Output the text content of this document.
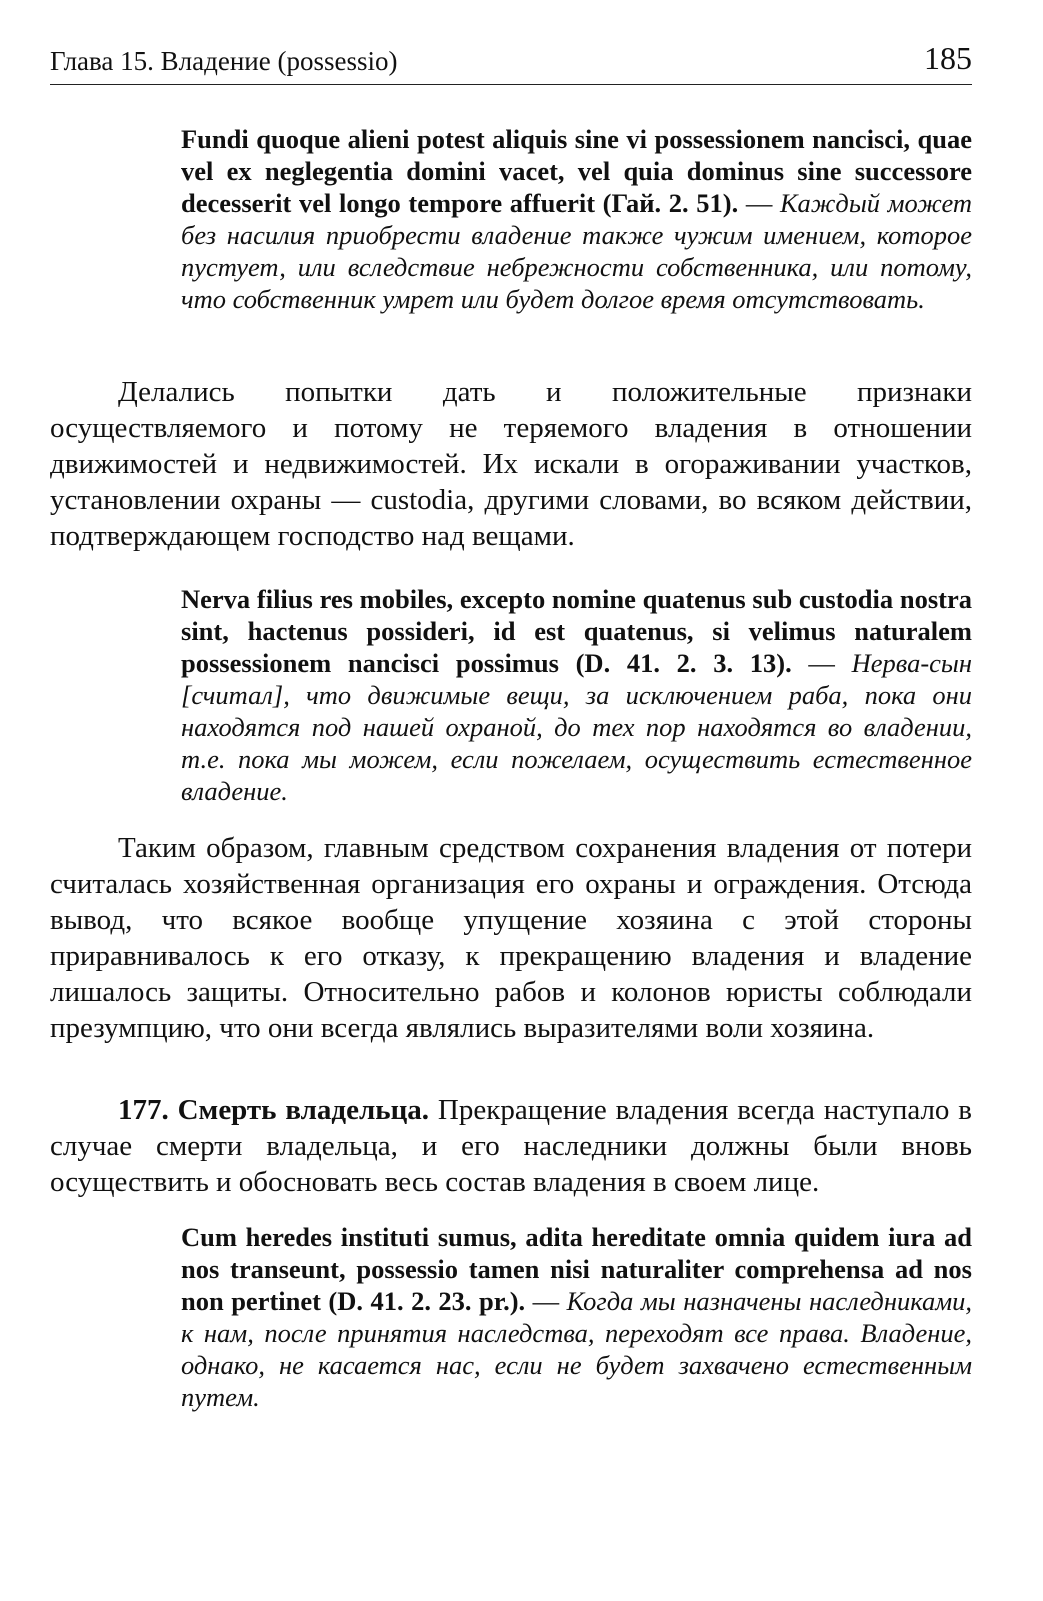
Глава 15. Владение (possessio)	185
Fundi quoque alieni potest aliquis sine vi possessionem nancisci, quae vel ex neglegentia domini vacet, vel quia dominus sine successore decesserit vel longo tempore affuerit (Гай. 2. 51). — Каждый может без насилия приобрести владение также чужим имением, которое пустует, или вследствие небрежности собственника, или потому, что собственник умрет или будет долгое время отсутствовать.
Делались попытки дать и положительные признаки осуществляемого и потому не теряемого владения в отношении движимостей и недвижимостей. Их искали в огораживании участков, установлении охраны — custodia, другими словами, во всяком действии, подтверждающем господство над вещами.
Nerva filius res mobiles, excepto nomine quatenus sub custodia nostra sint, hactenus possideri, id est quatenus, si velimus naturalem possessionem nancisci possimus (D. 41. 2. 3. 13). — Нерва-сын [считал], что движимые вещи, за исключением раба, пока они находятся под нашей охраной, до тех пор находятся во владении, т.е. пока мы можем, если пожелаем, осуществить естественное владение.
Таким образом, главным средством сохранения владения от потери считалась хозяйственная организация его охраны и ограждения. Отсюда вывод, что всякое вообще упущение хозяина с этой стороны приравнивалось к его отказу, к прекращению владения и владение лишалось защиты. Относительно рабов и колонов юристы соблюдали презумпцию, что они всегда являлись выразителями воли хозяина.
177. Смерть владельца. Прекращение владения всегда наступало в случае смерти владельца, и его наследники должны были вновь осуществить и обосновать весь состав владения в своем лице.
Cum heredes instituti sumus, adita hereditate omnia quidem iura ad nos transeunt, possessio tamen nisi naturaliter comprehensa ad nos non pertinet (D. 41. 2. 23. pr.). — Когда мы назначены наследниками, к нам, после принятия наследства, переходят все права. Владение, однако, не касается нас, если не будет захвачено естественным путем.
